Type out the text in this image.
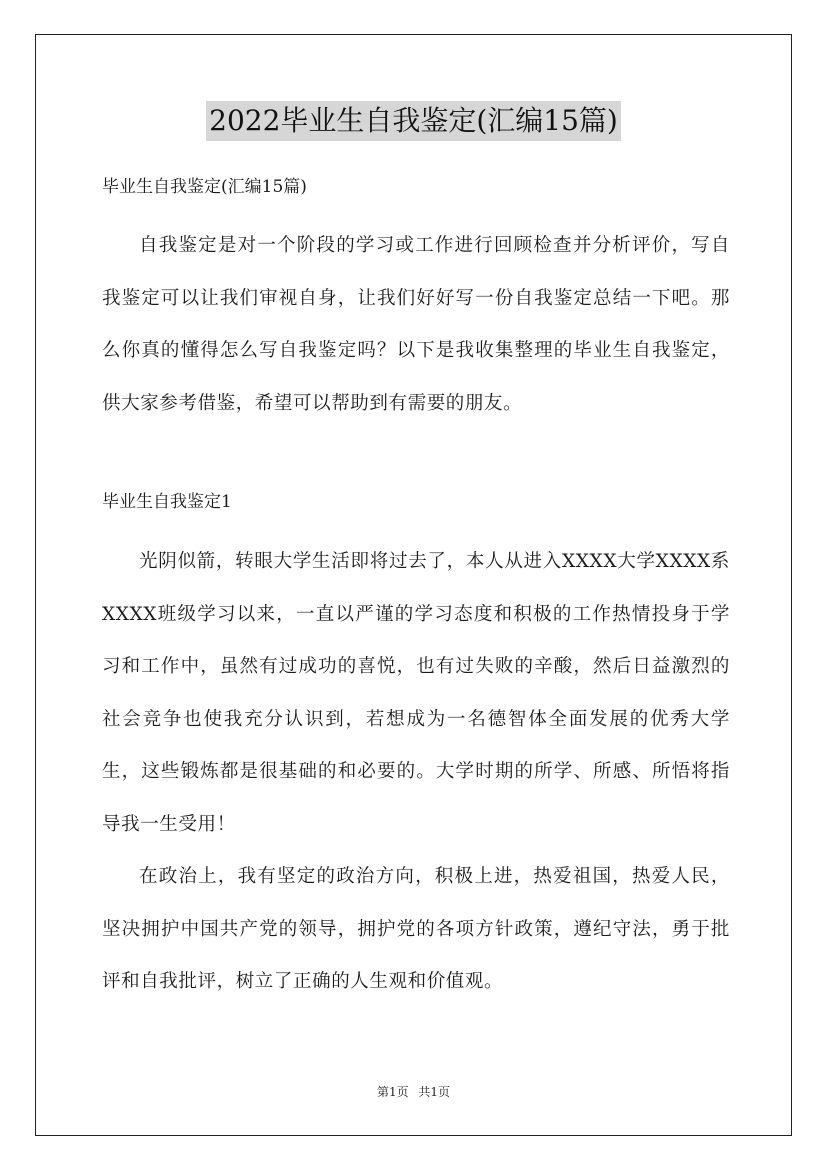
2022毕业生自我鉴定(汇编15篇)

毕业生自我鉴定(汇编15篇)

自我鉴定是对一个阶段的学习或工作进行回顾检查并分析评价，写自我鉴定可以让我们审视自身，让我们好好写一份自我鉴定总结一下吧。那么你真的懂得怎么写自我鉴定吗？以下是我收集整理的毕业生自我鉴定，供大家参考借鉴，希望可以帮助到有需要的朋友。

毕业生自我鉴定1

光阴似箭，转眼大学生活即将过去了，本人从进入XXXX大学XXXX系XXXX班级学习以来，一直以严谨的学习态度和积极的工作热情投身于学习和工作中，虽然有过成功的喜悦，也有过失败的辛酸，然后日益激烈的社会竞争也使我充分认识到，若想成为一名德智体全面发展的优秀大学生，这些锻炼都是很基础的和必要的。大学时期的所学、所感、所悟将指导我一生受用！

在政治上，我有坚定的政治方向，积极上进，热爱祖国，热爱人民，坚决拥护中国共产党的领导，拥护党的各项方针政策，遵纪守法，勇于批评和自我批评，树立了正确的人生观和价值观。

第1页 共1页
